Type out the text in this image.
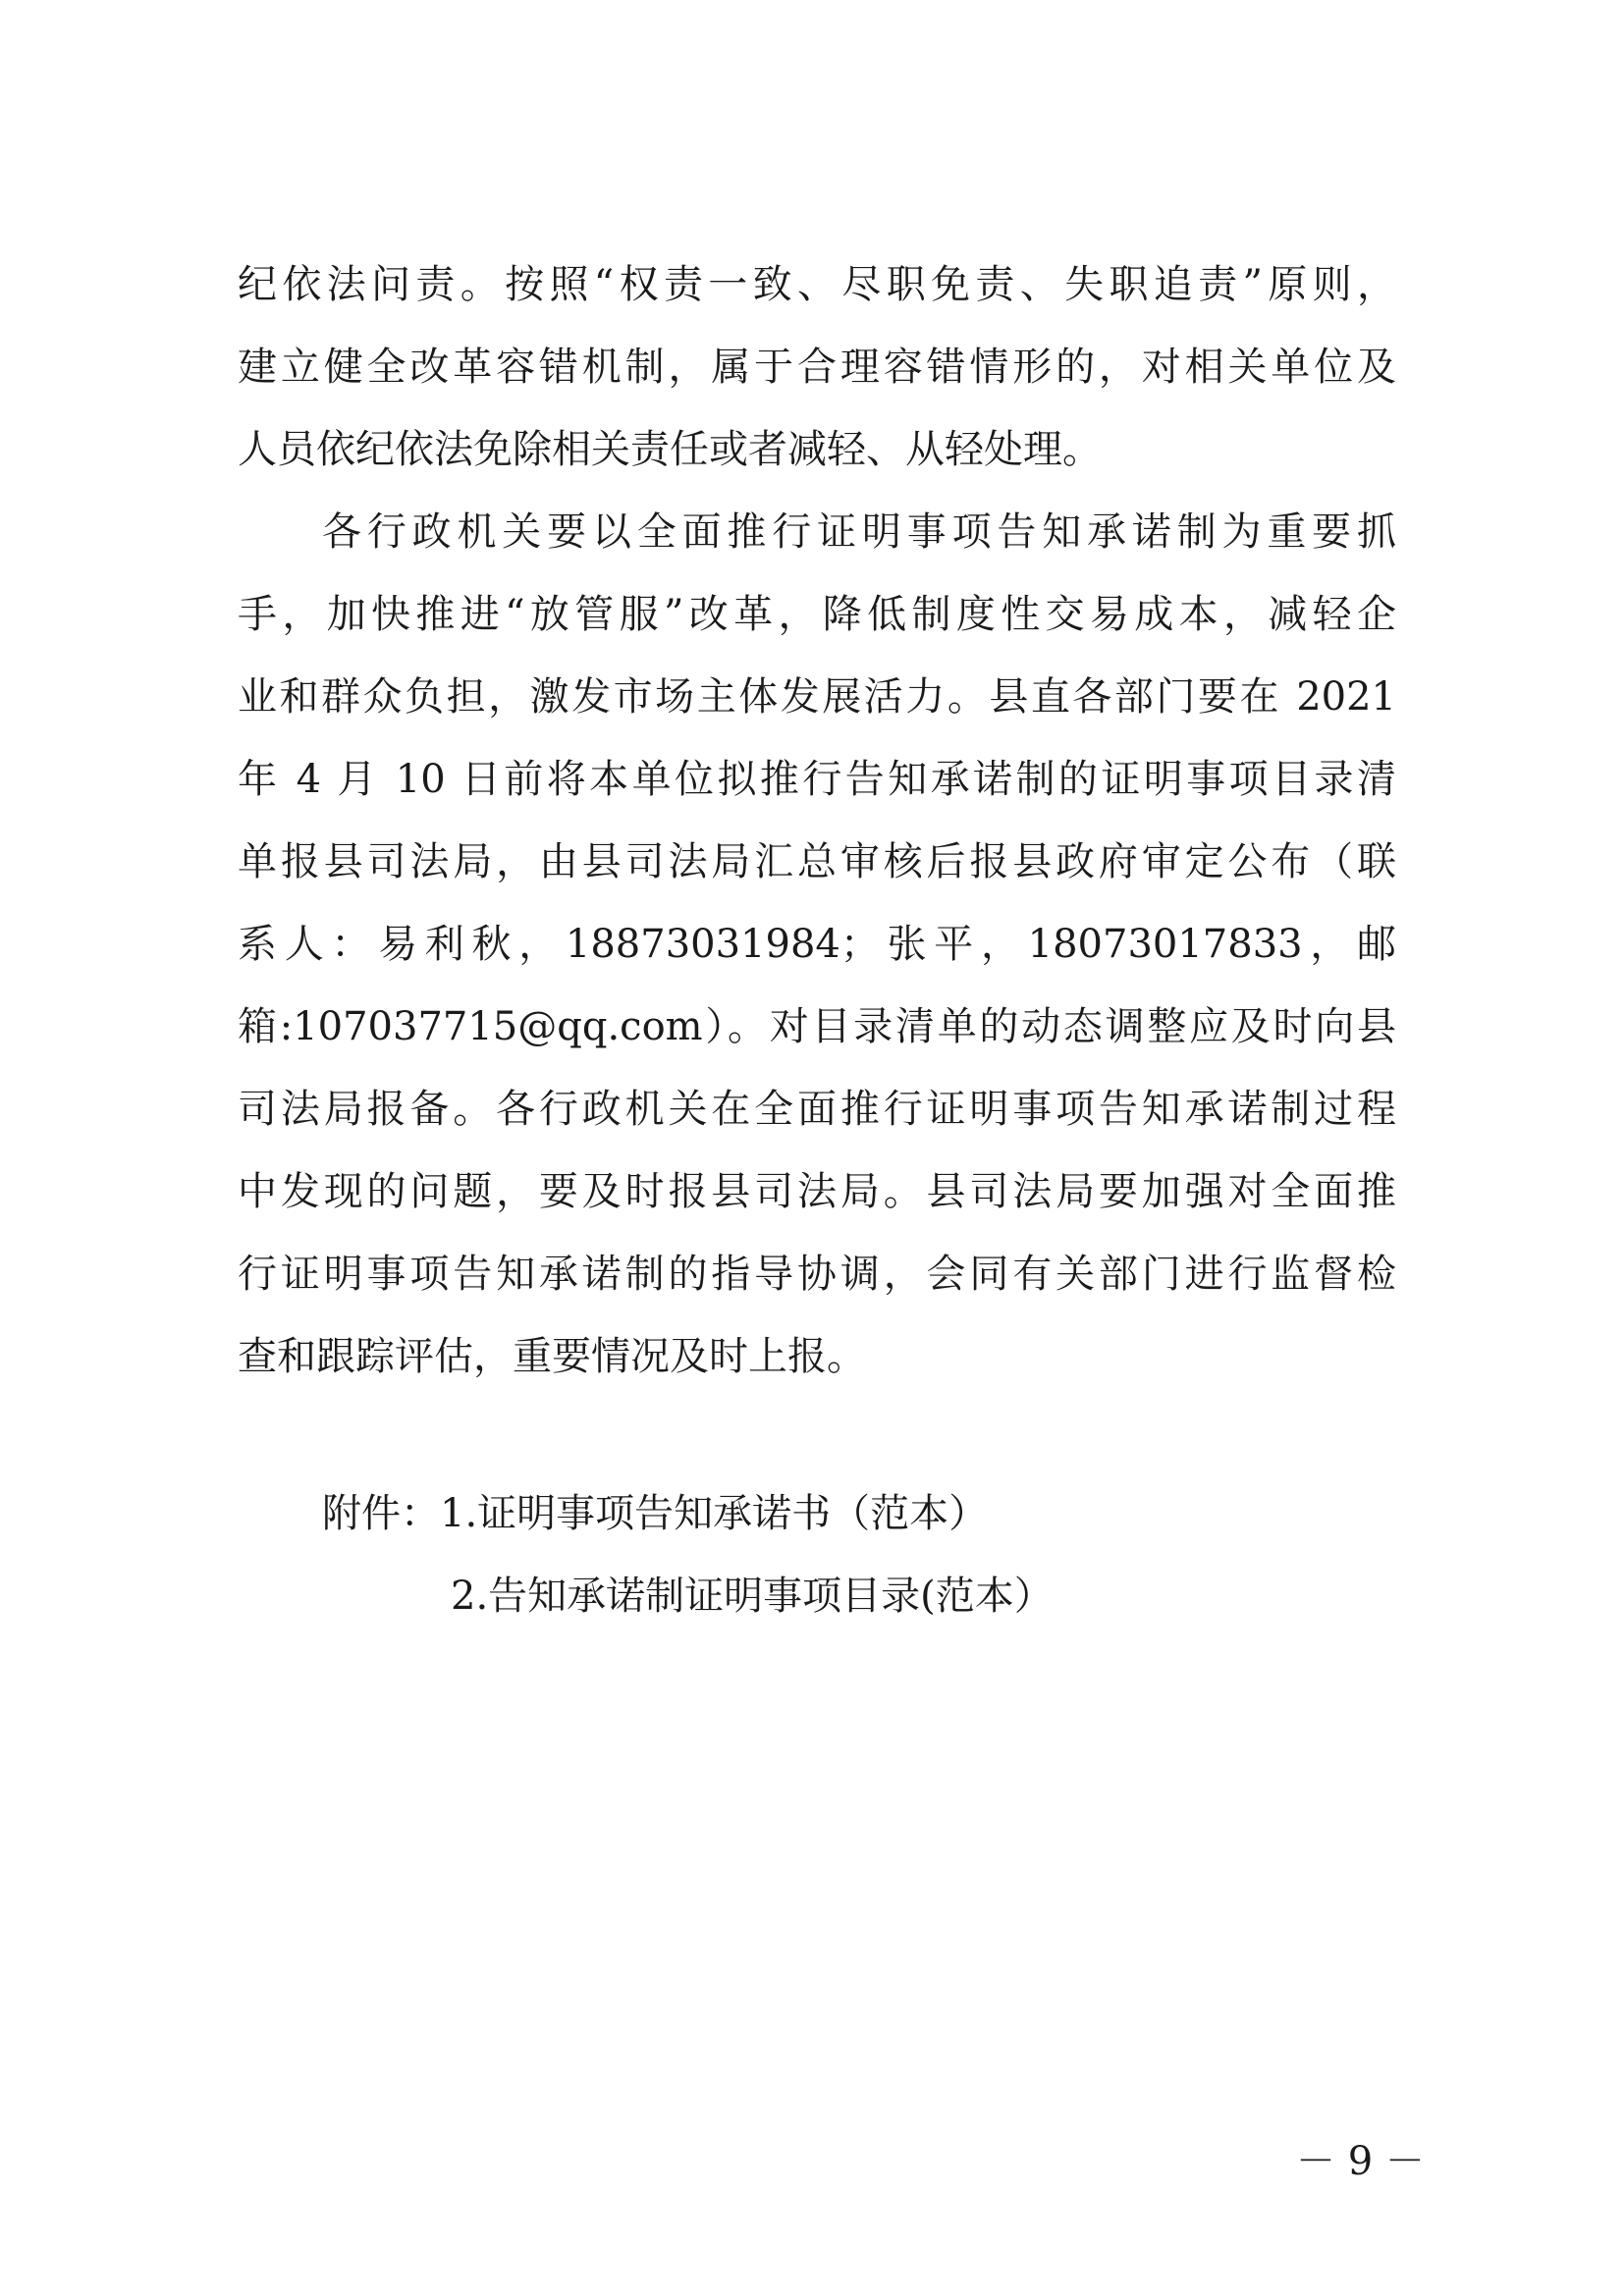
纪依法问责。按照“权责一致、尽职免责、失职追责”原则，
建立健全改革容错机制，属于合理容错情形的，对相关单位及
人员依纪依法免除相关责任或者减轻、从轻处理。
各行政机关要以全面推行证明事项告知承诺制为重要抓
手，加快推进“放管服”改革，降低制度性交易成本，减轻企
业和群众负担，激发市场主体发展活力。县直各部门要在 2021
年 4 月 10 日前将本单位拟推行告知承诺制的证明事项目录清
单报县司法局，由县司法局汇总审核后报县政府审定公布（联
系人：易利秋，18873031984；张平，18073017833，邮
箱:107037715@qq.com）。对目录清单的动态调整应及时向县
司法局报备。各行政机关在全面推行证明事项告知承诺制过程
中发现的问题，要及时报县司法局。县司法局要加强对全面推
行证明事项告知承诺制的指导协调，会同有关部门进行监督检
查和跟踪评估，重要情况及时上报。
附件：1.证明事项告知承诺书（范本）
2.告知承诺制证明事项目录(范本）
－ 9 －
